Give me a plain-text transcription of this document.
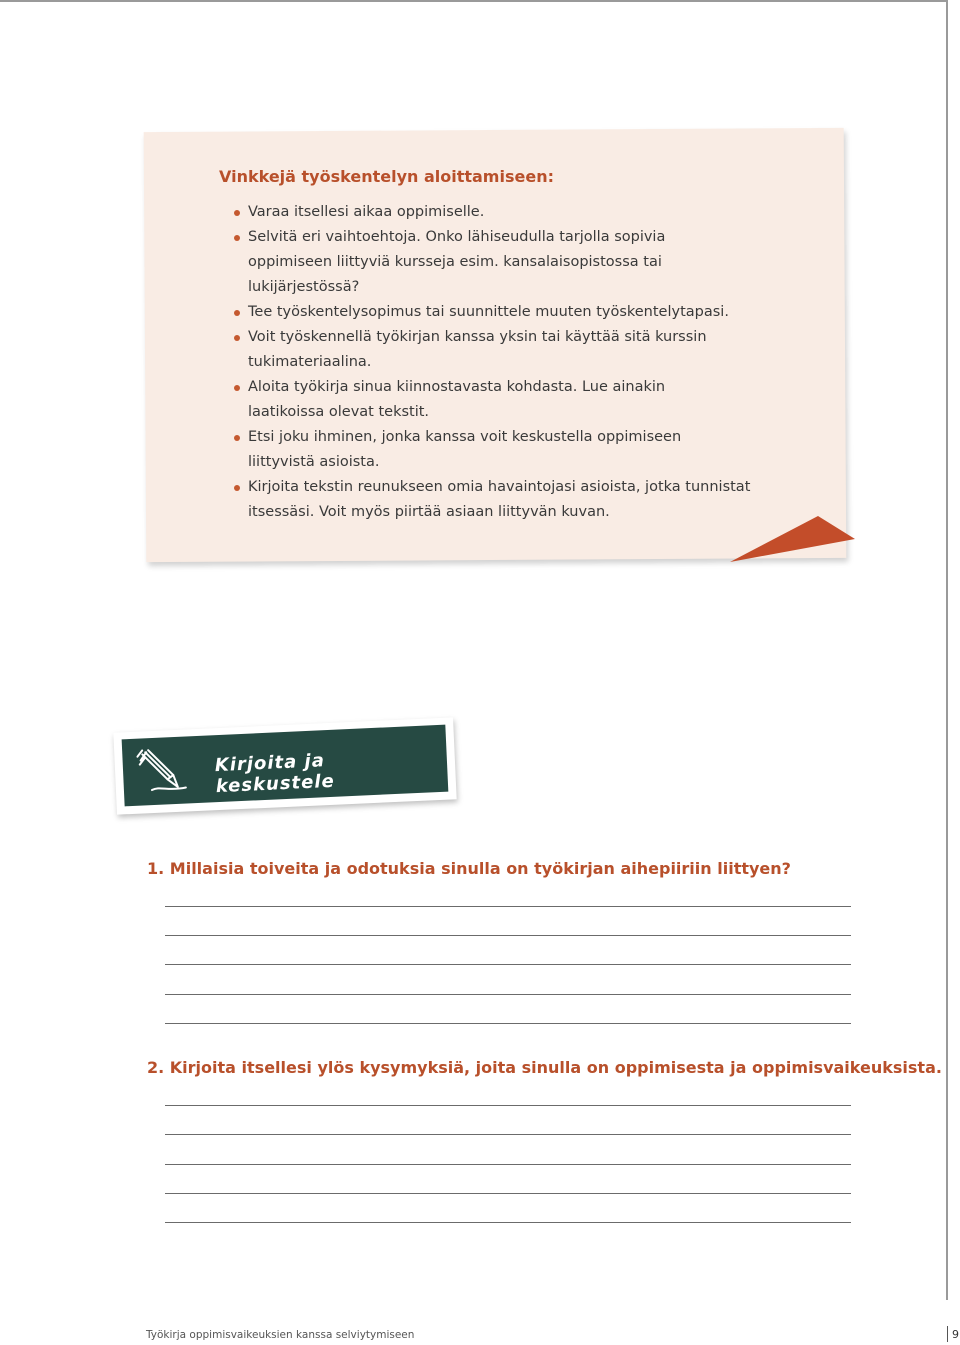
Vinkkejä työskentelyn aloittamiseen:
Varaa itsellesi aikaa oppimiselle.
Selvitä eri vaihtoehtoja. Onko lähiseudulla tarjolla sopivia
oppimiseen liittyviä kursseja esim. kansalaisopistossa tai
lukijärjestössä?
Tee työskentelysopimus tai suunnittele muuten työskentelytapasi.
Voit työskennellä työkirjan kanssa yksin tai käyttää sitä kurssin
tukimateriaalina.
Aloita työkirja sinua kiinnostavasta kohdasta. Lue ainakin
laatikoissa olevat tekstit.
Etsi joku ihminen, jonka kanssa voit keskustella oppimiseen
liittyvistä asioista.
Kirjoita tekstin reunukseen omia havaintojasi asioista, jotka tunnistat
itsessäsi. Voit myös piirtää asiaan liittyvän kuvan.
Kirjoita ja keskustele

1. Millaisia toiveita ja odotuksia sinulla on työkirjan aihepiiriin liittyen?

2. Kirjoita itsellesi ylös kysymyksiä, joita sinulla on oppimisesta ja oppimisvaikeuksista.

Työkirja oppimisvaikeuksien kanssa selviytymiseen	9
